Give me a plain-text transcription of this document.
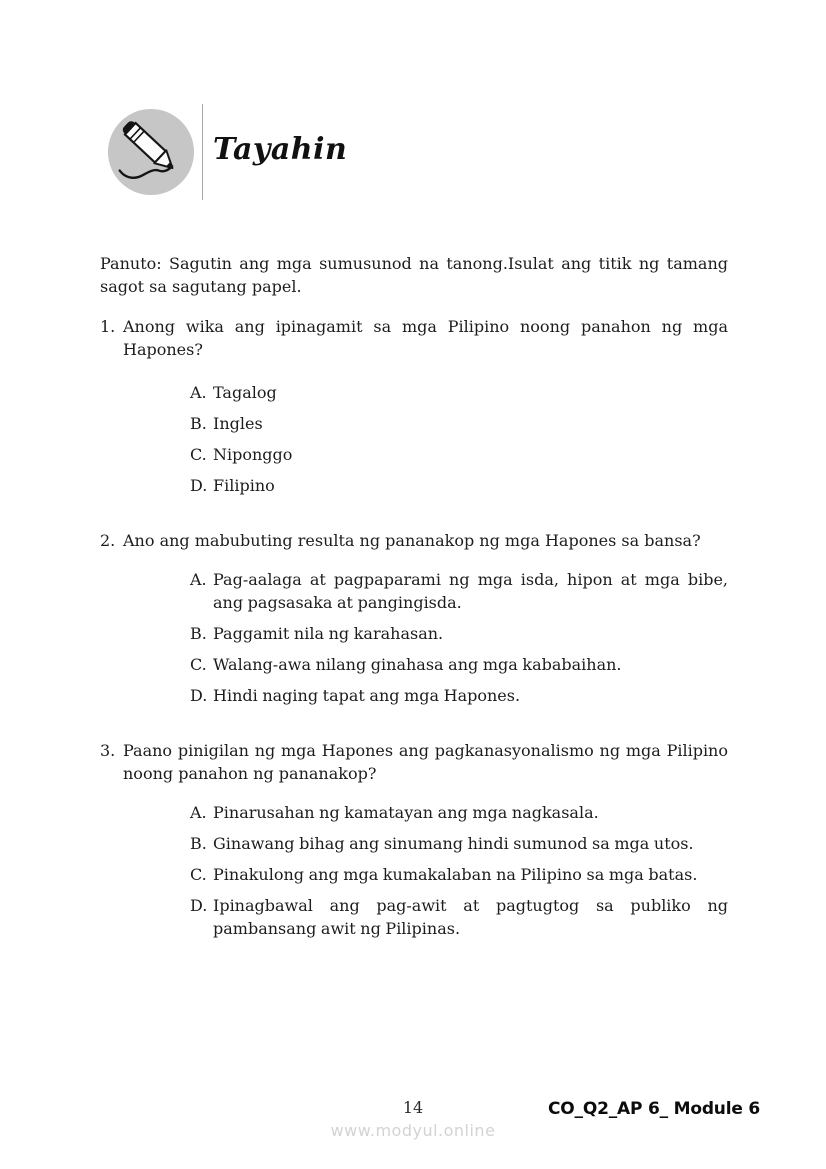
Tayahin

Panuto: Sagutin ang mga sumusunod na tanong.Isulat ang titik ng tamang sagot sa sagutang papel.

1. Anong wika ang ipinagamit sa mga Pilipino noong panahon ng mga Hapones?

A. Tagalog

B. Ingles

C. Niponggo

D. Filipino

2. Ano ang mabubuting resulta ng pananakop ng mga Hapones sa bansa?

A. Pag-aalaga at pagpaparami ng mga isda, hipon at mga bibe, ang pagsasaka at pangingisda.

B. Paggamit nila ng karahasan.

C. Walang-awa nilang ginahasa ang mga kababaihan.

D. Hindi naging tapat ang mga Hapones.

3. Paano pinigilan ng mga Hapones ang pagkanasyonalismo ng mga Pilipino noong panahon ng pananakop?

A. Pinarusahan ng kamatayan ang mga nagkasala.

B. Ginawang bihag ang sinumang hindi sumunod sa mga utos.

C. Pinakulong ang mga kumakalaban na Pilipino sa mga batas.

D. Ipinagbawal ang pag-awit at pagtugtog sa publiko ng pambansang awit ng Pilipinas.

14	CO_Q2_AP 6_ Module 6
www.modyul.online
